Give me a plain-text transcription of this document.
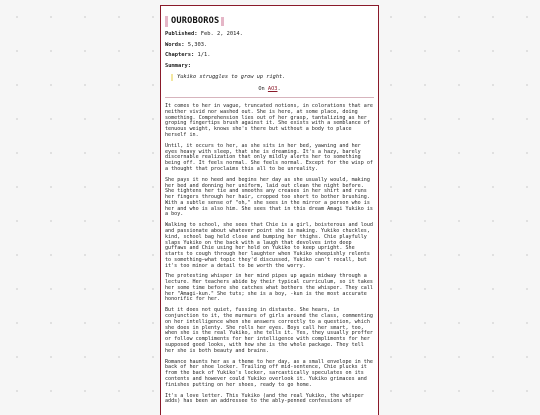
OUROBOROS

Published: Feb. 2, 2014.

Words: 5,303.

Chapters: 1/1.

Summary:
Yukiko struggles to grow up right.
On AO3.

It comes to her in vague, truncated notions, in colorations that are neither vivid nor washed out. She is here, at some place, doing something. Comprehension lies out of her grasp, tantalizing as her groping fingertips brush against it. She exists with a semblance of tenuous weight, knows she's there but without a body to place herself in.

Until, it occurs to her, as she sits in her bed, yawning and her eyes heavy with sleep, that she is dreaming. It's a hazy, barely discernable realization that only mildly alerts her to something being off. It feels normal. She feels normal. Except for the wisp of a thought that proclaims this all to be unreality.

She pays it no heed and begins her day as she usually would, making her bed and donning her uniform, laid out clean the night before. She tightens her tie and smooths any creases in her shirt and runs her fingers through her hair, cropped too short to bother brushing. With a subtle sense of "oh," she sees in the mirror a person who is her and who is also him. She sees that in this dream Amagi Yukiko is a boy.

Walking to school, she sees that Chie is a girl, boisterous and loud and passionate about whatever point she is making. Yukiko chuckles, kind, school bag held close and bumping her thighs. Chie playfully slaps Yukiko on the back with a laugh that devolves into deep guffaws and Chie using her hold on Yukiko to keep upright. She starts to cough through her laughter when Yukiko sheepishly relents to something—what topic they'd discussed, Yukiko can't recall, but it's too minor a detail to be worth the worry.

The protesting whisper in her mind pipes up again midway through a lecture. Her teachers abide by their typical curriculum, so it takes her some time before she catches what bothers the whisper. They call her "Amagi-kun." She tuts; she is a boy, -kun is the most accurate honorific for her.

But it does not quiet, fussing in distaste. She hears, in conjunction to it, the murmurs of girls around the class, commenting on her intelligence when she answers correctly to a question, which she does in plenty. She rolls her eyes. Boys call her smart, too, when she is the real Yukiko, she tells it. Yes, they usually proffer or follow compliments for her intelligence with compliments for her supposed good looks, with how she is the whole package. They tell her she is both beauty and brains.

Romance haunts her as a theme to her day, as a small envelope in the back of her shoe locker. Trailing off mid-sentence, Chie plucks it from the back of Yukiko's locker, sarcastically speculates on its contents and however could Yukiko overlook it. Yukiko grimaces and finishes putting on her shoes, ready to go home.

It's a love letter. This Yukiko (and the real Yukiko, the whisper adds) has been an addressee to the ably-penned confessions of
